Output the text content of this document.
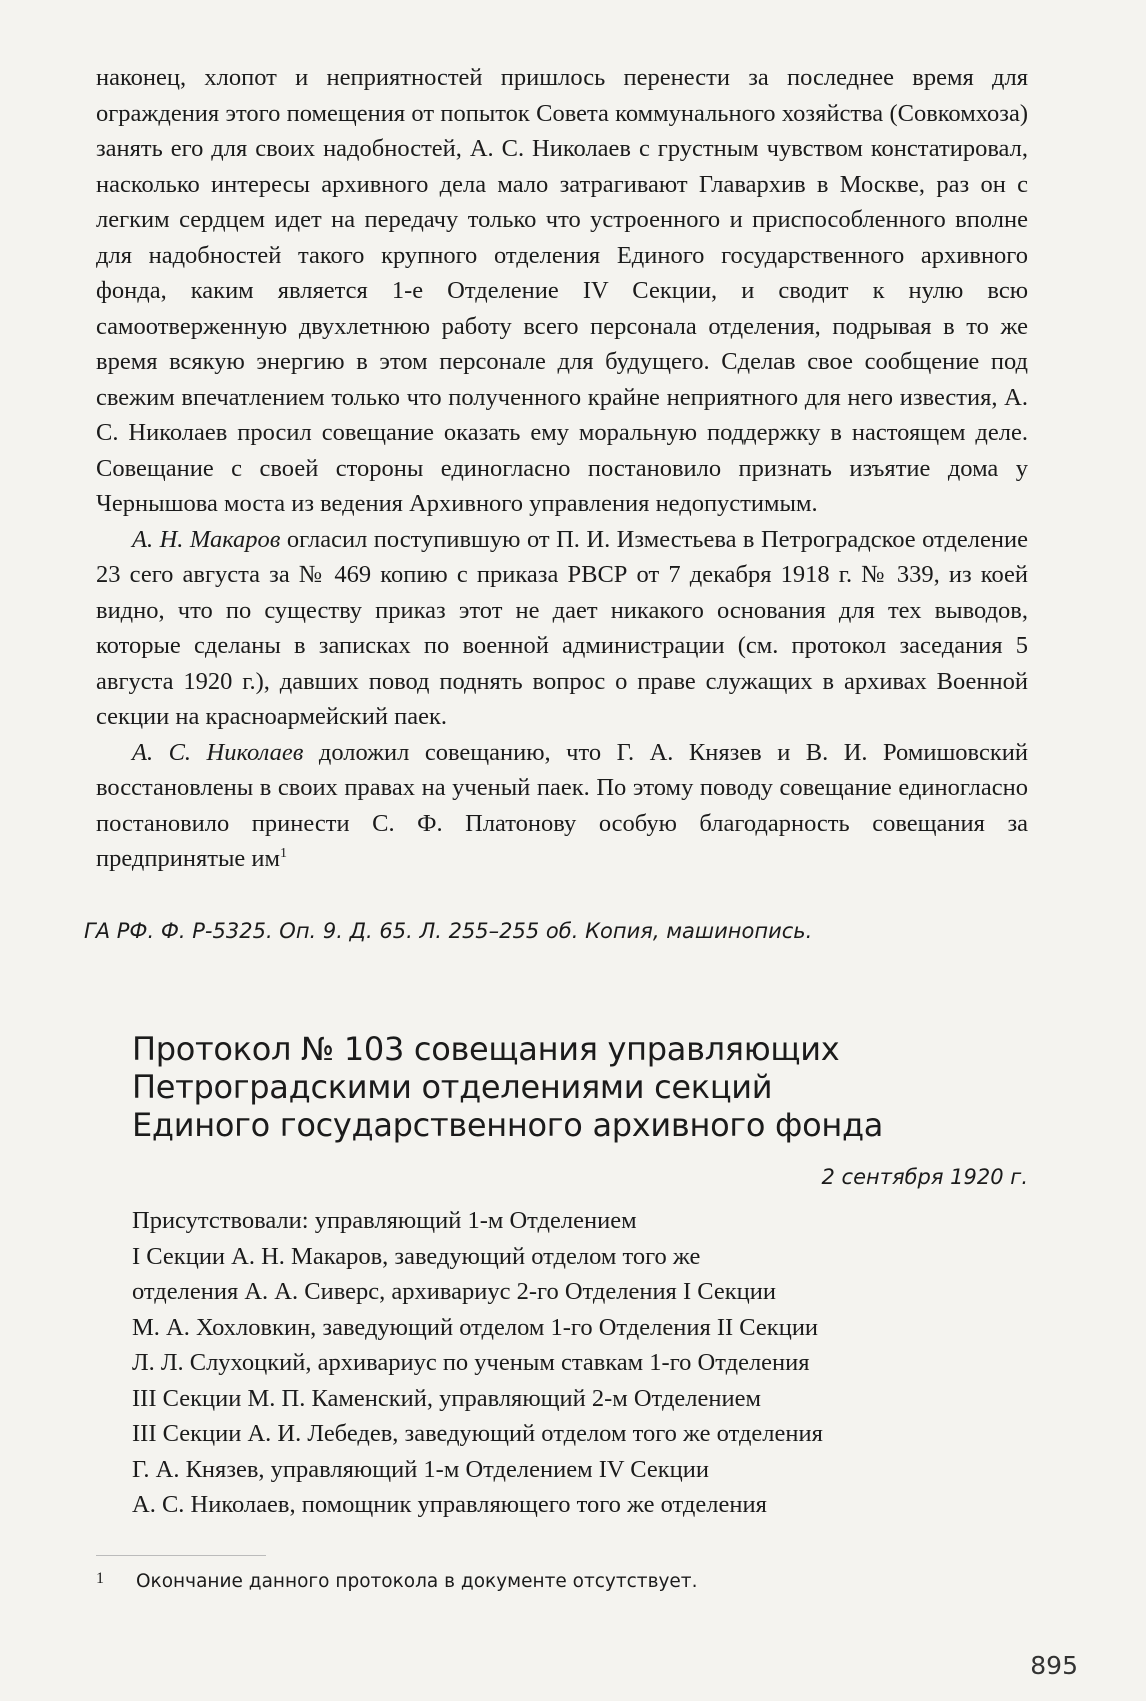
наконец, хлопот и неприятностей пришлось перенести за последнее время для ограждения этого помещения от попыток Совета коммунального хозяйства (Совкомхоза) занять его для своих надобностей, А. С. Николаев с грустным чувством констатировал, насколько интересы архивного дела мало затрагивают Главархив в Москве, раз он с легким сердцем идет на передачу только что устроенного и приспособленного вполне для надобностей такого крупного отделения Единого государственного архивного фонда, каким является 1-е Отделение IV Секции, и сводит к нулю всю самоотверженную двухлетнюю работу всего персонала отделения, подрывая в то же время всякую энергию в этом персонале для будущего. Сделав свое сообщение под свежим впечатлением только что полученного крайне неприятного для него известия, А. С. Николаев просил совещание оказать ему моральную поддержку в настоящем деле. Совещание с своей стороны единогласно постановило признать изъятие дома у Чернышова моста из ведения Архивного управления недопустимым.

А. Н. Макаров огласил поступившую от П. И. Изместьева в Петроградское отделение 23 сего августа за № 469 копию с приказа РВСР от 7 декабря 1918 г. № 339, из коей видно, что по существу приказ этот не дает никакого основания для тех выводов, которые сделаны в записках по военной администрации (см. протокол заседания 5 августа 1920 г.), давших повод поднять вопрос о праве служащих в архивах Военной секции на красноармейский паек.

А. С. Николаев доложил совещанию, что Г. А. Князев и В. И. Ромишовский восстановлены в своих правах на ученый паек. По этому поводу совещание единогласно постановило принести С. Ф. Платонову особую благодарность совещания за предпринятые $им^1$

ГА РФ. Ф. Р-5325. Оп. 9. Д. 65. Л. 255–255 об. Копия, машинопись.
Протокол № 103 совещания управляющих
Петроградскими отделениями секций
Единого государственного архивного фонда
2 сентября 1920 г.
Присутствовали: управляющий 1-м Отделением
I Секции А. Н. Макаров, заведующий отделом того же
отделения А. А. Сиверс, архивариус 2-го Отделения I Секции
М. А. Хохловкин, заведующий отделом 1-го Отделения II Секции
Л. Л. Слухоцкий, архивариус по ученым ставкам 1-го Отделения
III Секции М. П. Каменский, управляющий 2-м Отделением
III Секции А. И. Лебедев, заведующий отделом того же отделения
Г. А. Князев, управляющий 1-м Отделением IV Секции
А. С. Николаев, помощник управляющего того же отделения
1 Окончание данного протокола в документе отсутствует.
895
